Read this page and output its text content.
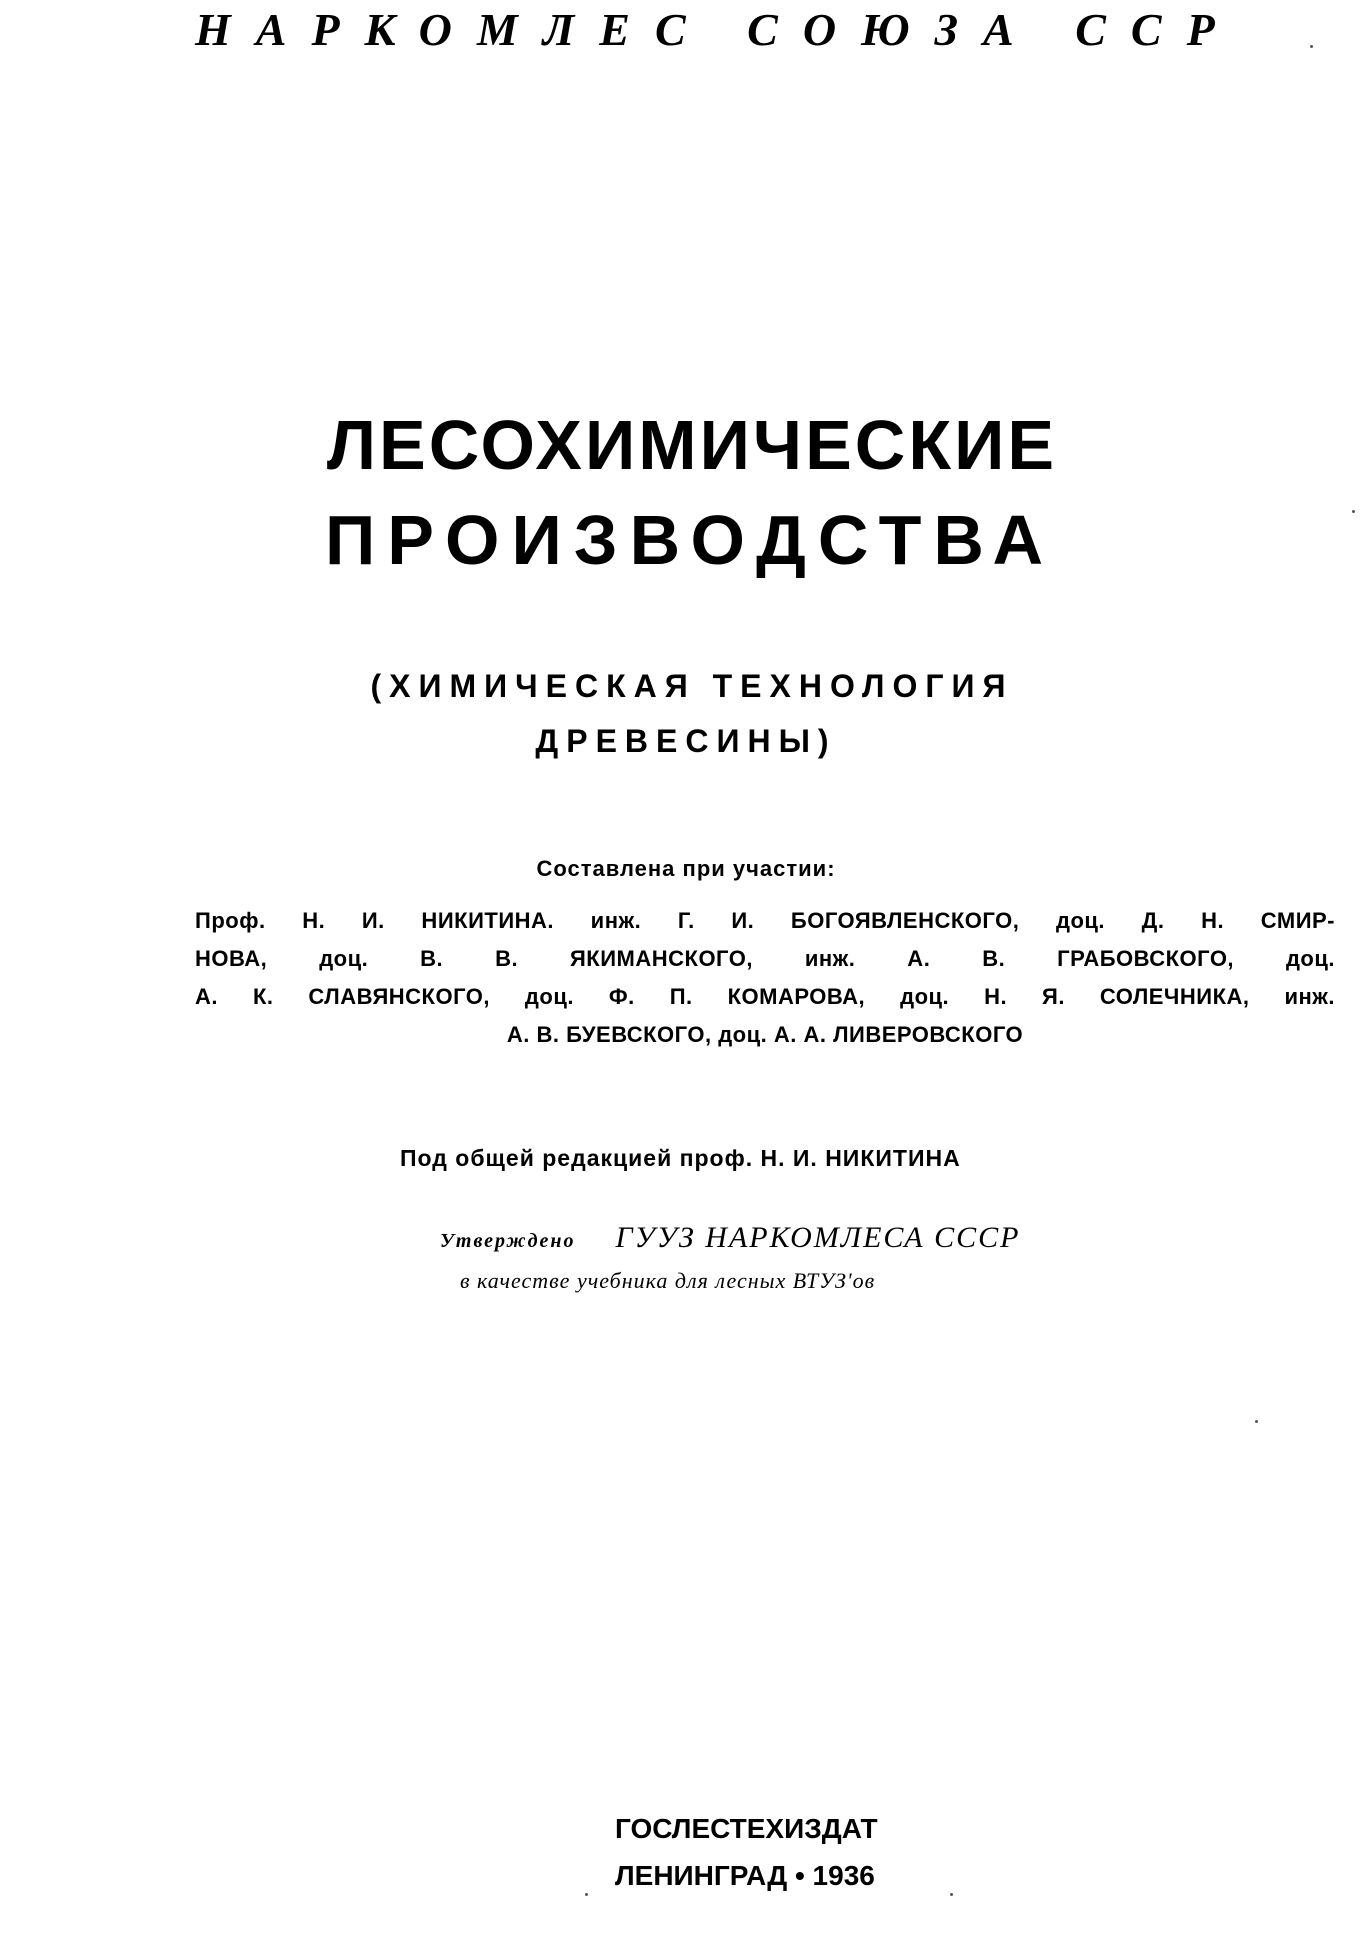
НАРКОМЛЕС СОЮЗА ССР
ЛЕСОХИМИЧЕСКИЕ
ПРОИЗВОДСТВА
(ХИМИЧЕСКАЯ ТЕХНОЛОГИЯ
ДРЕВЕСИНЫ)
Составлена при участии:
Проф. Н. И. НИКИТИНА. инж. Г. И. БОГОЯВЛЕНСКОГО, доц. Д. Н. СМИР-
НОВА, доц. В. В. ЯКИМАНСКОГО, инж. А. В. ГРАБОВСКОГО, доц.
А. К. СЛАВЯНСКОГО, доц. Ф. П. КОМАРОВА, доц. Н. Я. СОЛЕЧНИКА, инж.
А. В. БУЕВСКОГО, доц. А. А. ЛИВЕРОВСКОГО
Под общей редакцией проф. Н. И. НИКИТИНА
Утверждено ГУУЗ НАРКОМЛЕСА СССР
в качестве учебника для лесных ВТУЗ'ов
ГОСЛЕСТЕХИЗДАТ
ЛЕНИНГРАД • 1936
